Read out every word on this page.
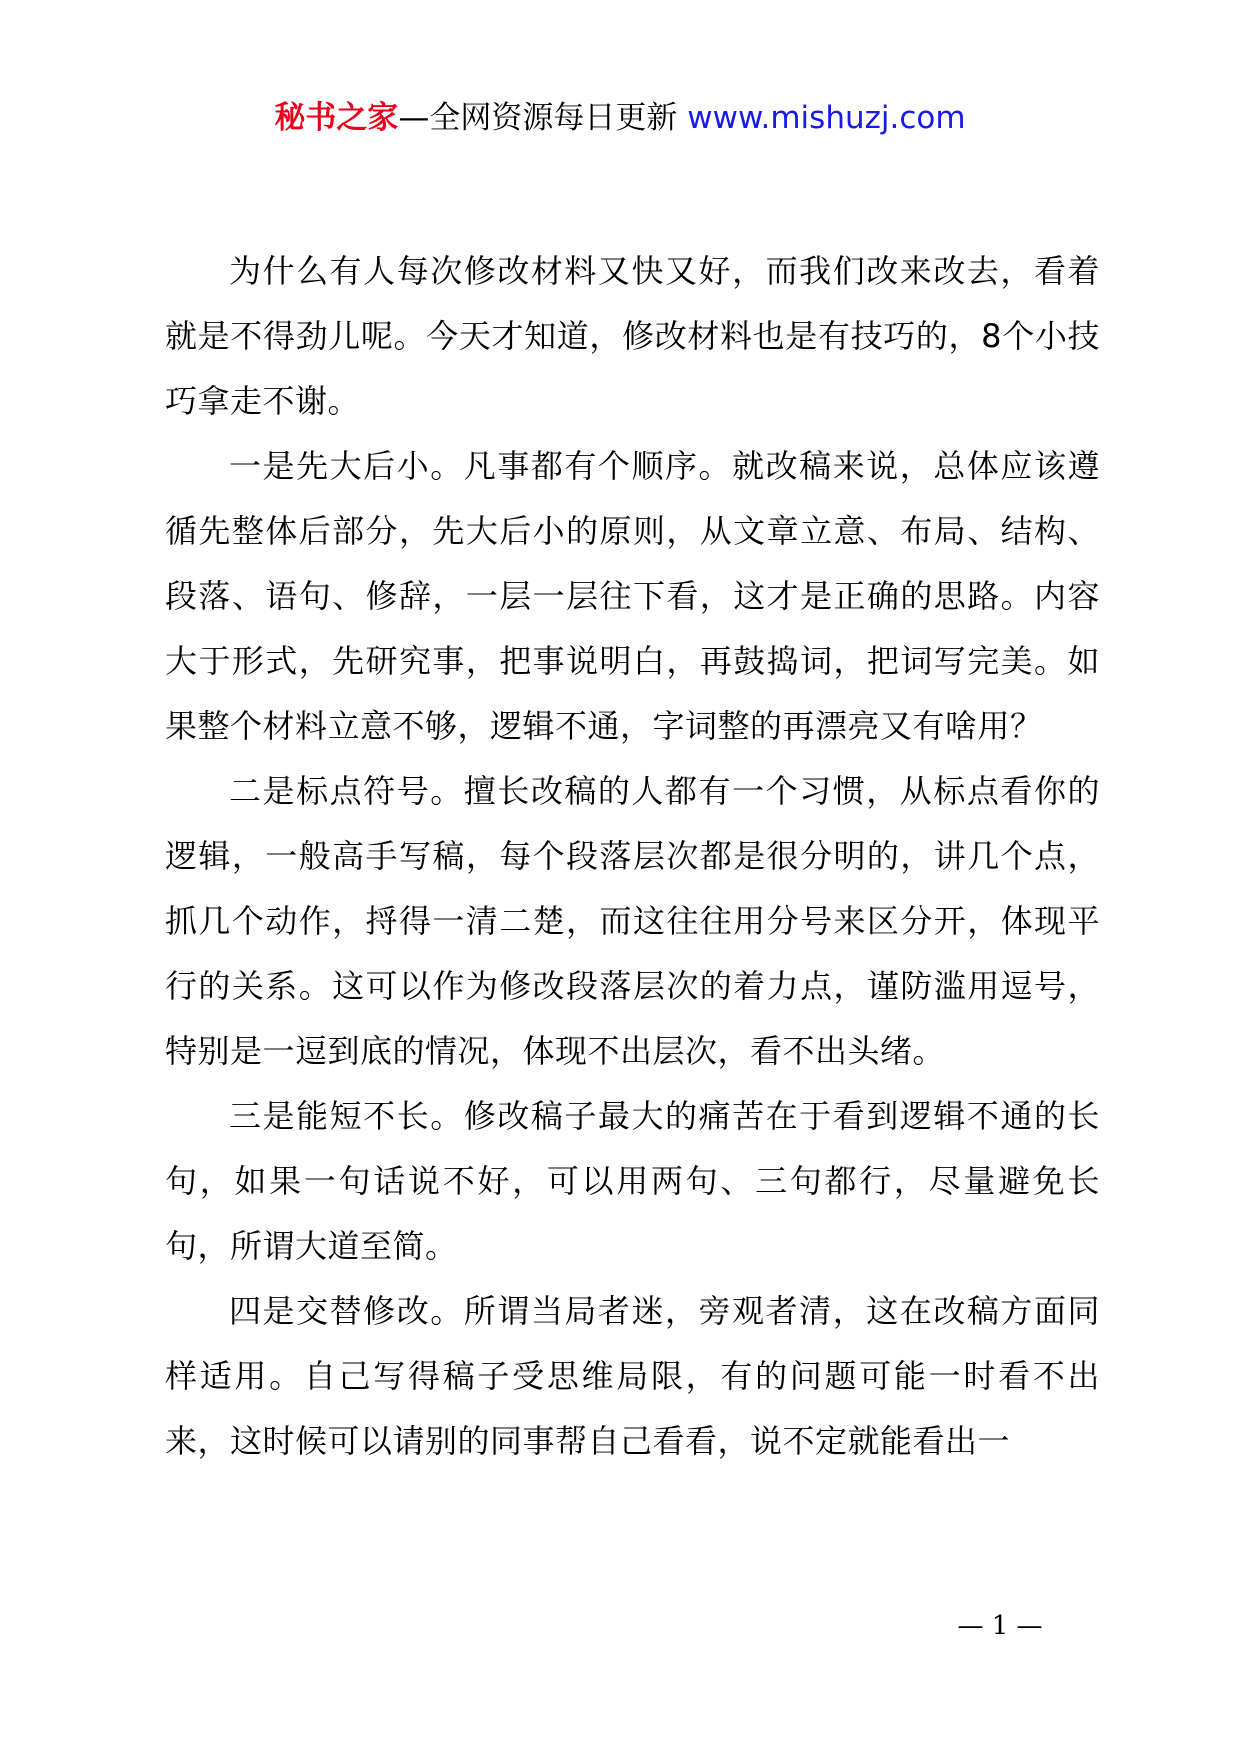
秘书之家—全网资源每日更新 www.mishuzj.com

为什么有人每次修改材料又快又好，而我们改来改去，看着就是不得劲儿呢。今天才知道，修改材料也是有技巧的，8个小技巧拿走不谢。

一是先大后小。凡事都有个顺序。就改稿来说，总体应该遵循先整体后部分，先大后小的原则，从文章立意、布局、结构、段落、语句、修辞，一层一层往下看，这才是正确的思路。内容大于形式，先研究事，把事说明白，再鼓捣词，把词写完美。如果整个材料立意不够，逻辑不通，字词整的再漂亮又有啥用？

二是标点符号。擅长改稿的人都有一个习惯，从标点看你的逻辑，一般高手写稿，每个段落层次都是很分明的，讲几个点，抓几个动作，捋得一清二楚，而这往往用分号来区分开，体现平行的关系。这可以作为修改段落层次的着力点，谨防滥用逗号，特别是一逗到底的情况，体现不出层次，看不出头绪。

三是能短不长。修改稿子最大的痛苦在于看到逻辑不通的长句，如果一句话说不好，可以用两句、三句都行，尽量避免长句，所谓大道至简。

四是交替修改。所谓当局者迷，旁观者清，这在改稿方面同样适用。自己写得稿子受思维局限，有的问题可能一时看不出来，这时候可以请别的同事帮自己看看，说不定就能看出一

— 1 —
